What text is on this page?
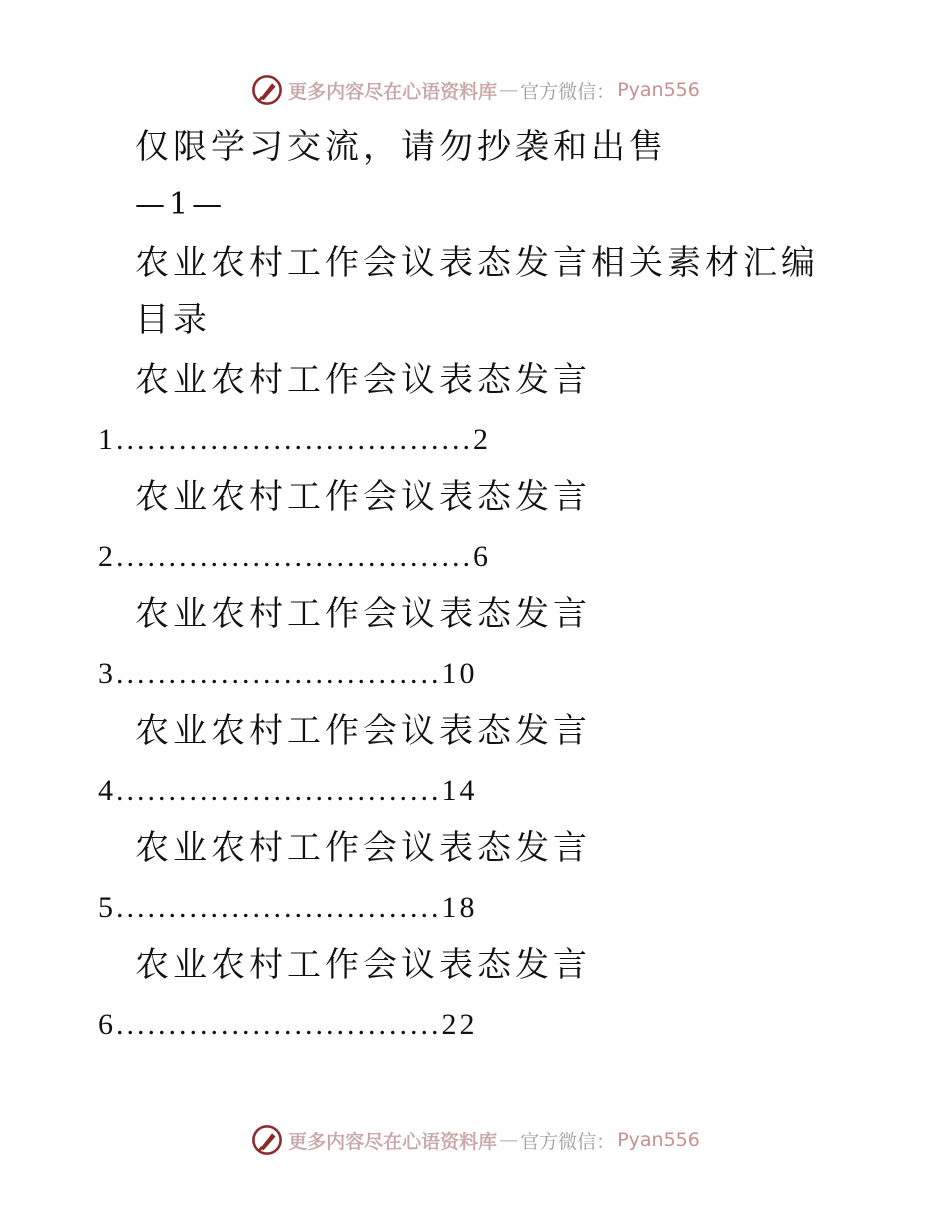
更多内容尽在心语资料库 — 官方微信： Pyan556

仅限学习交流，请勿抄袭和出售

—1—

农业农村工作会议表态发言相关素材汇编

目录

农业农村工作会议表态发言

1..................................2

农业农村工作会议表态发言

2..................................6

农业农村工作会议表态发言

3...............................10

农业农村工作会议表态发言

4...............................14

农业农村工作会议表态发言

5...............................18

农业农村工作会议表态发言

6...............................22

更多内容尽在心语资料库 — 官方微信： Pyan556
